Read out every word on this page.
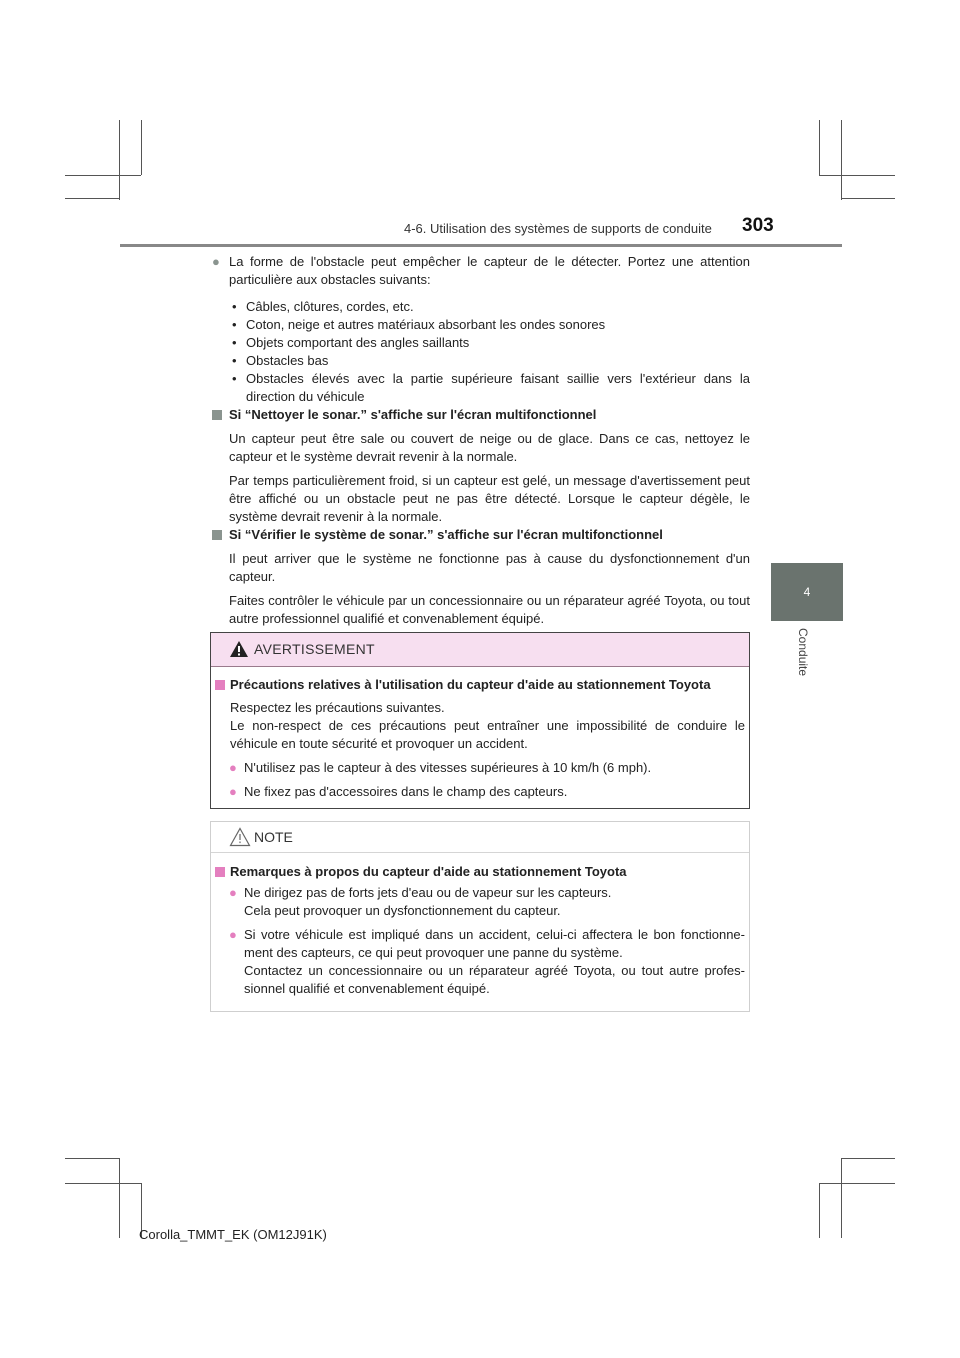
4-6. Utilisation des systèmes de supports de conduite 303
4
Conduite

● La forme de l'obstacle peut empêcher le capteur de le détecter. Portez une attention particulière aux obstacles suivants:

• Câbles, clôtures, cordes, etc.
• Coton, neige et autres matériaux absorbant les ondes sonores
• Objets comportant des angles saillants
• Obstacles bas
• Obstacles élevés avec la partie supérieure faisant saillie vers l'extérieur dans la direction du véhicule

Si “Nettoyer le sonar.” s'affiche sur l'écran multifonctionnel

Un capteur peut être sale ou couvert de neige ou de glace. Dans ce cas, nettoyez le capteur et le système devrait revenir à la normale.

Par temps particulièrement froid, si un capteur est gelé, un message d'avertissement peut être affiché ou un obstacle peut ne pas être détecté. Lorsque le capteur dégèle, le système devrait revenir à la normale.

Si “Vérifier le système de sonar.” s'affiche sur l'écran multifonctionnel

Il peut arriver que le système ne fonctionne pas à cause du dysfonctionnement d'un capteur.

Faites contrôler le véhicule par un concessionnaire ou un réparateur agréé Toyota, ou tout autre professionnel qualifié et convenablement équipé.

AVERTISSEMENT

Précautions relatives à l'utilisation du capteur d'aide au stationnement Toyota

Respectez les précautions suivantes.
Le non-respect de ces précautions peut entraîner une impossibilité de conduire le véhicule en toute sécurité et provoquer un accident.

● N'utilisez pas le capteur à des vitesses supérieures à 10 km/h (6 mph).

● Ne fixez pas d'accessoires dans le champ des capteurs.

NOTE

Remarques à propos du capteur d'aide au stationnement Toyota

● Ne dirigez pas de forts jets d'eau ou de vapeur sur les capteurs.
Cela peut provoquer un dysfonctionnement du capteur.

● Si votre véhicule est impliqué dans un accident, celui-ci affectera le bon fonctionne-ment des capteurs, ce qui peut provoquer une panne du système.
Contactez un concessionnaire ou un réparateur agréé Toyota, ou tout autre profes-sionnel qualifié et convenablement équipé.

Corolla_TMMT_EK (OM12J91K)
